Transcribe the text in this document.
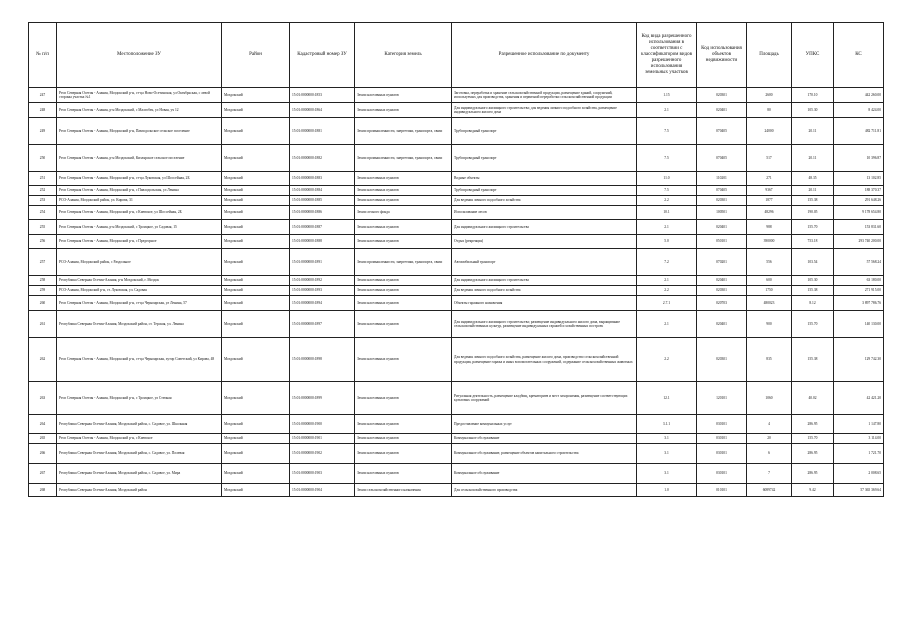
№ п/п	Местоположение ЗУ	Район	Кадастровый номер ЗУ	Категория земель	Разрешенное использование по документу	Код вида разрешенного использования в соответствии с классификатором видов разрешенного использования земельных участков	Код использования объектов недвижимости	Площадь	УПКС	КС
247	Респ Северная Осетия - Алания, Моздокский р-н, ст-ца Ново-Осетинская, ул Октябрьская, с левой стороны участка №1	Моздокский	15:01:0000000:1853	Земли населенных пунктов	Заготовка, переработка и хранение сельскохозяйственной продукции, размещение зданий, сооружений, используемых для производства, хранения и первичной переработки сельскохозяйственной продукции	1.15	020301	2600	170.10	442 260.00
248	Респ Северная Осетия - Алания, р-н Моздокский, с Малгобек, ул Новая, уч 12	Моздокский	15:01:0000000:1864	Земли населенных пунктов	Для индивидуального жилищного строительства; для ведения личного подсобного хозяйства, размещение индивидуального жилого дома	2.1	020401	80	105.30	8 424.00
249	Респ Северная Осетия - Алания, Моздокский р-н, Павлодольское сельское поселение	Моздокский	15:01:0000000:1881	Земли промышленности, энергетики, транспорта, связи	Трубопроводный транспорт	7.5	070405	24000	20.11	482 711.81
250	Респ Северная Осетия - Алания, р-н Моздокский, Кизлярское сельское поселение	Моздокский	15:01:0000000:1882	Земли промышленности, энергетики, транспорта, связи	Трубопроводный транспорт	7.5	070405	517	20.11	10 396.87
251	Респ Северная Осетия - Алания, Моздокский р-н, ст-ца Луковская, ул Шоссейная, 2Б	Моздокский	15:01:0000000:1883	Земли населенных пунктов	Водные объекты	11.0	110201	271	48.35	13 102.85
252	Респ Северная Осетия - Алания, Моздокский р-н, с Павлодольская, ул Ленина	Моздокский	15:01:0000000:1884	Земли населенных пунктов	Трубопроводный транспорт	7.5	070405	9367	20.11	188 370.37
253	РСО-Алания, Моздокский район, ул. Кирова, 31	Моздокский	15:01:0000000:1885	Земли населенных пунктов	Для ведения личного подсобного хозяйства	2.2	020301	1877	155.38	291 648.26
254	Респ Северная Осетия - Алания, Моздокский р-н, с Киевское, ул Шоссейная, 2Б	Моздокский	15:01:0000000:1886	Земли лесного фонда	Использование лесов	10.1	100501	48296	190.05	9 178 654.80
255	Респ Северная Осетия - Алания, р-н Моздокский, с Троицкое, ул Садовая, 15	Моздокский	15:01:0000000:1887	Земли населенных пунктов	Для индивидуального жилищного строительства	2.1	020401	988	155.70	153 831.60
256	Респ Северная Осетия - Алания, Моздокский р-н, с Предгорное	Моздокский	15:01:0000000:1888	Земли населенных пунктов	Отдых (рекреация)	5.0	050101	390000	753.18	293 740 200.00
257	РСО-Алания, Моздокский район, с Раздольное	Моздокский	15:01:0000000:1891	Земли промышленности, энергетики, транспорта, связи	Автомобильный транспорт	7.2	070201	556	103.54	57 568.24
258	Республика Северная Осетия-Алания, р-н Моздокский, г. Моздок	Моздокский	15:01:0000000:1892	Земли населенных пунктов	Для индивидуального жилищного строительства	2.1	020401	600	105.30	63 180.00
259	РСО-Алания, Моздокский р-н, ст. Луковская, ул. Садовая	Моздокский	15:01:0000000:1893	Земли населенных пунктов	Для ведения личного подсобного хозяйства	2.2	020301	1750	155.38	271 915.00
260	Респ Северная Осетия - Алания, Моздокский р-н, ст-ца Черноярская, ул Ленина, 57	Моздокский	15:01:0000000:1894	Земли населенных пунктов	Объекты гаражного назначения	2.7.1	020703	480023	8.12	3 897 786.76
261	Республика Северная Осетия-Алания, Моздокский район, ст. Терская, ул. Ленина	Моздокский	15:01:0000000:1897	Земли населенных пунктов	Для индивидуального жилищного строительства; размещение индивидуального жилого дома, выращивание сельскохозяйственных культур, размещение индивидуальных гаражей и хозяйственных построек	2.1	020401	900	155.70	140 130.00
262	Респ Северная Осетия - Алания, Моздокский р-н, ст-ца Черноярская, хутор Советский, ул Кирова, 48	Моздокский	15:01:0000000:1898	Земли населенных пунктов	Для ведения личного подсобного хозяйства, размещение жилого дома, производство сельскохозяйственной продукции, размещение гаража и иных вспомогательных сооружений, содержание сельскохозяйственных животных	2.2	020301	835	155.38	129 742.30
263	Респ Северная Осетия - Алания, Моздокский р-н, с Троицкое, ул Степная	Моздокский	15:01:0000000:1899	Земли населенных пунктов	Ритуальная деятельность, размещение кладбищ, крематориев и мест захоронения, размещение соответствующих культовых сооружений	12.1	120101	1060	40.02	42 421.20
264	Республика Северная Осетия-Алания, Моздокский район, с. Садовое, ул. Школьная	Моздокский	15:01:0000000:1900	Земли населенных пунктов	Предоставление коммунальных услуг	3.1.1	030101	4	286.95	1 147.80
265	Респ Северная Осетия - Алания, Моздокский р-н, с Киевское	Моздокский	15:01:0000000:1901	Земли населенных пунктов	Коммунальное обслуживание	3.1	030101	20	155.70	3 114.00
266	Республика Северная Осетия-Алания, Моздокский район, с. Садовое, ул. Полевая	Моздокский	15:01:0000000:1902	Земли населенных пунктов	Коммунальное обслуживание, размещение объектов капитального строительства	3.1	030101	6	286.95	1 721.70
267	Республика Северная Осетия-Алания, Моздокский район, с. Садовое, ул. Мира	Моздокский	15:01:0000000:1903	Земли населенных пунктов	Коммунальное обслуживание	3.1	030101	7	286.95	2 008.65
268	Республика Северная Осетия-Алания, Моздокский район	Моздокский	15:01:0000000:1904	Земли сельскохозяйственного назначения	Для сельскохозяйственного производства	1.0	010101	6089742	9.42	57 365 369.64
